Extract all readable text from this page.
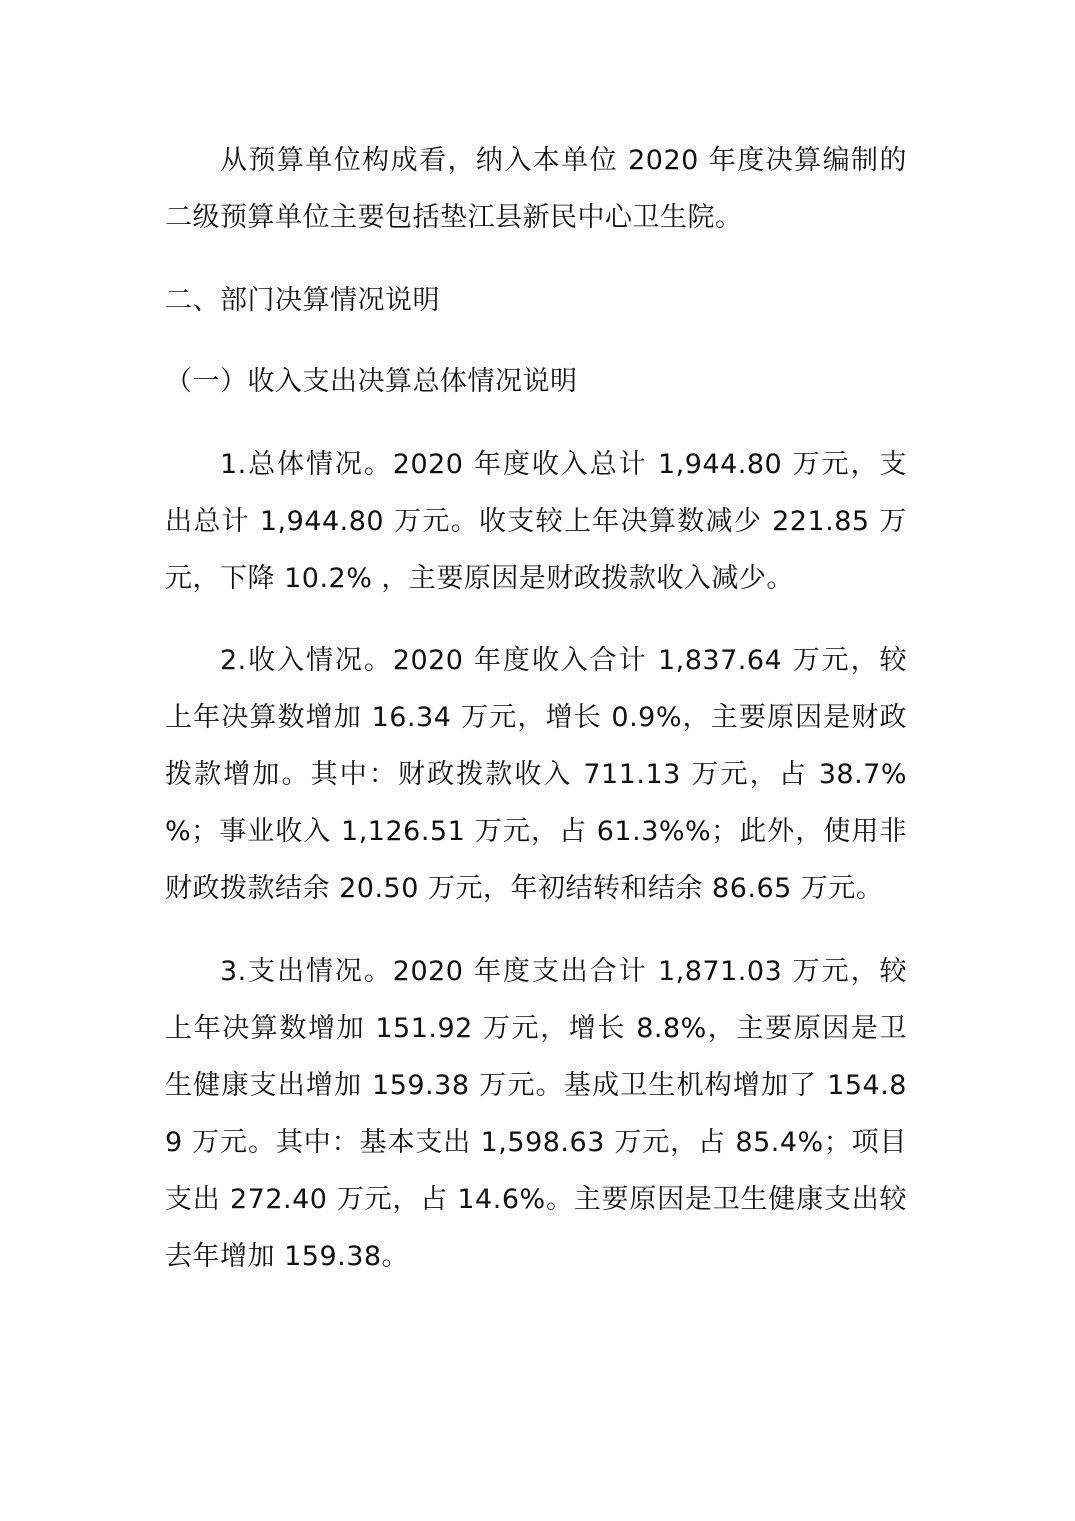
从预算单位构成看，纳入本单位 2020 年度决算编制的二级预算单位主要包括垫江县新民中心卫生院。

二、部门决算情况说明

（一）收入支出决算总体情况说明

1.总体情况。2020 年度收入总计 1,944.80 万元，支出总计 1,944.80 万元。收支较上年决算数减少 221.85 万元，下降 10.2% ，主要原因是财政拨款收入减少。

2.收入情况。2020 年度收入合计 1,837.64 万元，较上年决算数增加 16.34 万元，增长 0.9%，主要原因是财政拨款增加。其中：财政拨款收入 711.13 万元，占 38.7%%；事业收入 1,126.51 万元，占 61.3%%；此外，使用非财政拨款结余 20.50 万元，年初结转和结余 86.65 万元。

3.支出情况。2020 年度支出合计 1,871.03 万元，较上年决算数增加 151.92 万元，增长 8.8%，主要原因是卫生健康支出增加 159.38 万元。基成卫生机构增加了 154.89 万元。其中：基本支出 1,598.63 万元，占 85.4%；项目支出 272.40 万元，占 14.6%。主要原因是卫生健康支出较去年增加 159.38。
